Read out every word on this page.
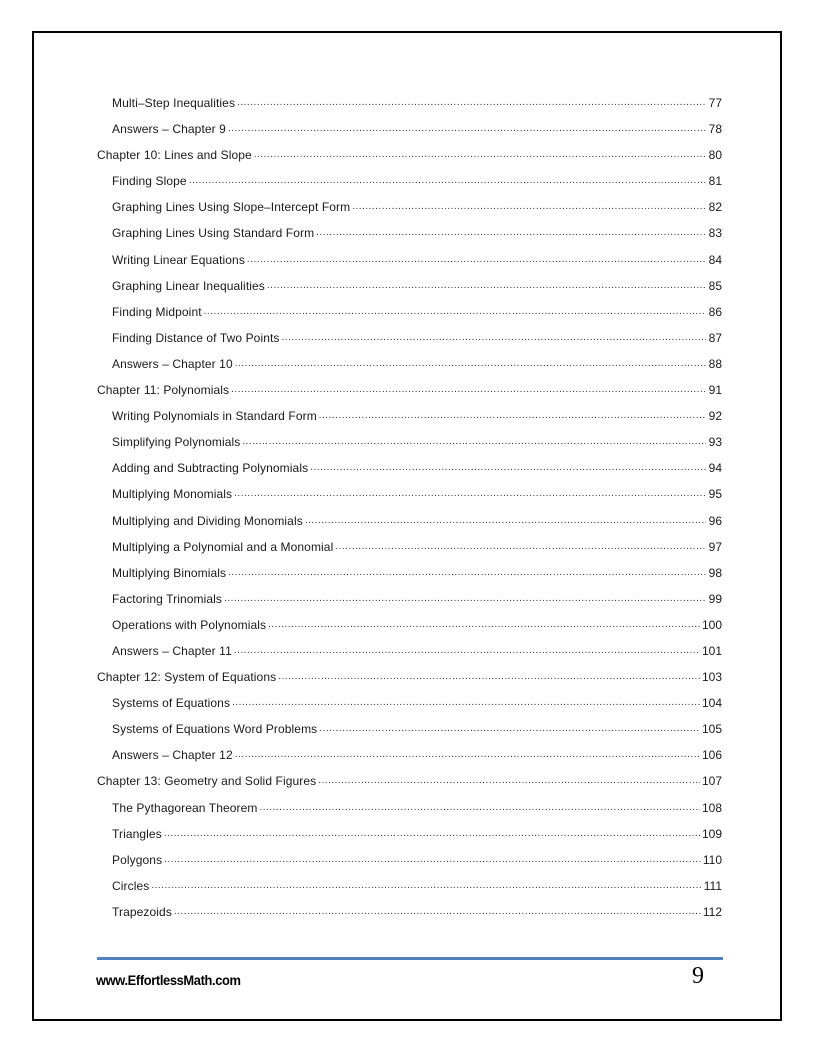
Multi–Step Inequalities .....	77
Answers – Chapter 9 .....	78
Chapter 10: Lines and Slope .....	80
Finding Slope .....	81
Graphing Lines Using Slope–Intercept Form .....	82
Graphing Lines Using Standard Form .....	83
Writing Linear Equations .....	84
Graphing Linear Inequalities .....	85
Finding Midpoint .....	86
Finding Distance of Two Points .....	87
Answers – Chapter 10 .....	88
Chapter 11: Polynomials .....	91
Writing Polynomials in Standard Form .....	92
Simplifying Polynomials .....	93
Adding and Subtracting Polynomials .....	94
Multiplying Monomials .....	95
Multiplying and Dividing Monomials .....	96
Multiplying a Polynomial and a Monomial .....	97
Multiplying Binomials .....	98
Factoring Trinomials .....	99
Operations with Polynomials .....	100
Answers – Chapter 11 .....	101
Chapter 12: System of Equations .....	103
Systems of Equations .....	104
Systems of Equations Word Problems .....	105
Answers – Chapter 12 .....	106
Chapter 13: Geometry and Solid Figures .....	107
The Pythagorean Theorem .....	108
Triangles .....	109
Polygons .....	110
Circles .....	111
Trapezoids .....	112
www.EffortlessMath.com	9
